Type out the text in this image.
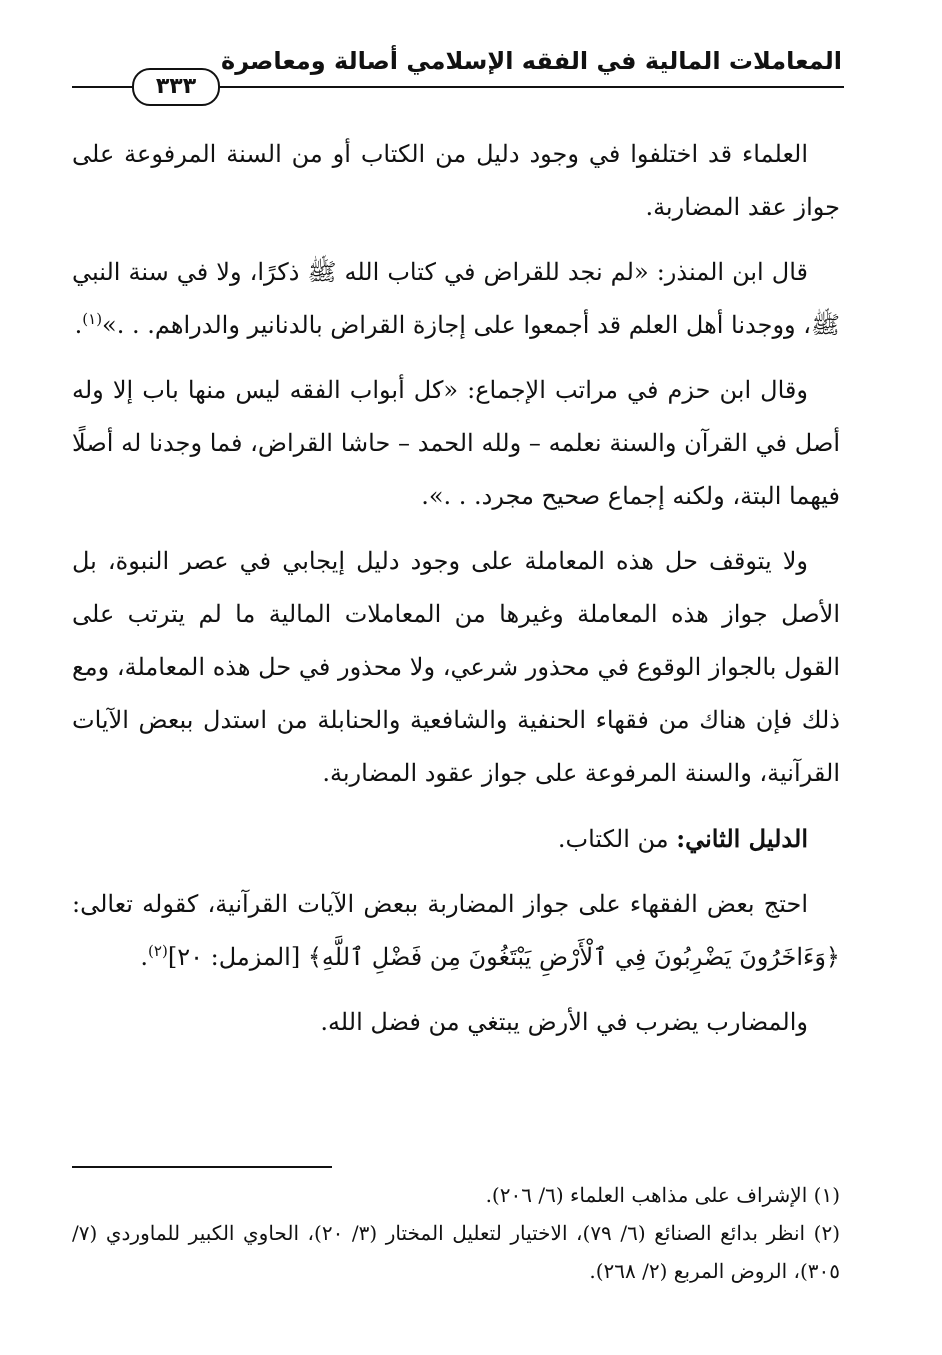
المعاملات المالية في الفقه الإسلامي أصالة ومعاصرة
٣٣٣

العلماء قد اختلفوا في وجود دليل من الكتاب أو من السنة المرفوعة على جواز عقد المضاربة.

قال ابن المنذر: «لم نجد للقراض في كتاب الله ﷺ ذكرًا، ولا في سنة النبي ﷺ، ووجدنا أهل العلم قد أجمعوا على إجازة القراض بالدنانير والدراهم. . .»$^{(١)}$.

وقال ابن حزم في مراتب الإجماع: «كل أبواب الفقه ليس منها باب إلا وله أصل في القرآن والسنة نعلمه – ولله الحمد – حاشا القراض، فما وجدنا له أصلًا فيهما البتة، ولكنه إجماع صحيح مجرد. . .».

ولا يتوقف حل هذه المعاملة على وجود دليل إيجابي في عصر النبوة، بل الأصل جواز هذه المعاملة وغيرها من المعاملات المالية ما لم يترتب على القول بالجواز الوقوع في محذور شرعي، ولا محذور في حل هذه المعاملة، ومع ذلك فإن هناك من فقهاء الحنفية والشافعية والحنابلة من استدل ببعض الآيات القرآنية، والسنة المرفوعة على جواز عقود المضاربة.

الدليل الثاني: من الكتاب.

احتج بعض الفقهاء على جواز المضاربة ببعض الآيات القرآنية، كقوله تعالى: ﴿وَءَاخَرُونَ يَضْرِبُونَ فِي ٱلْأَرْضِ يَبْتَغُونَ مِن فَضْلِ ٱللَّهِ﴾ [المزمل: ٢٠]$^{(٢)}$.

والمضارب يضرب في الأرض يبتغي من فضل الله.

(١) الإشراف على مذاهب العلماء (٦/ ٢٠٦).

(٢) انظر بدائع الصنائع (٦/ ٧٩)، الاختيار لتعليل المختار (٣/ ٢٠)، الحاوي الكبير للماوردي (٧/ ٣٠٥)، الروض المربع (٢/ ٢٦٨).
